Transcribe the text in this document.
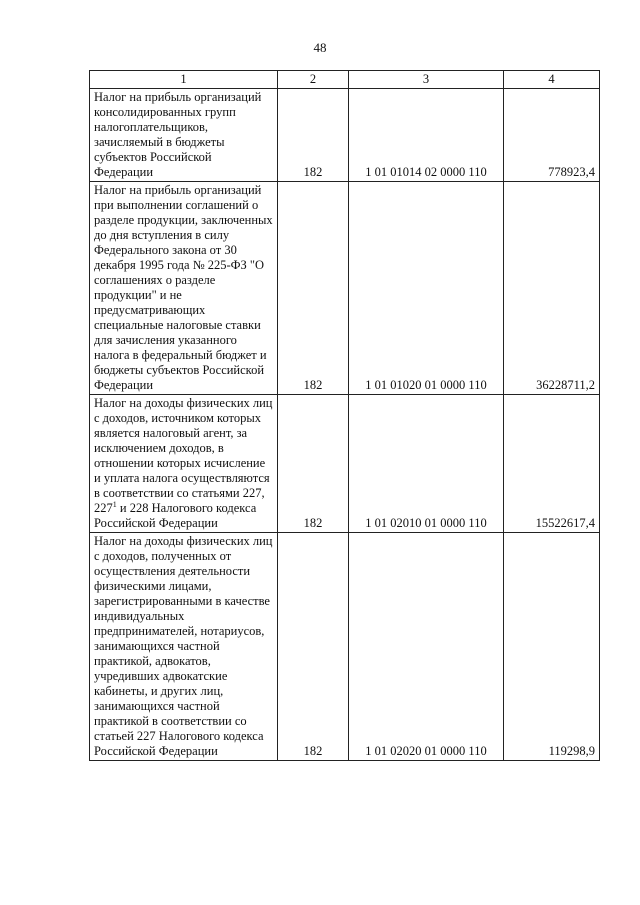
48
1	2	3	4
Налог на прибыль организаций консолидированных групп налогоплательщиков, зачисляемый в бюджеты субъектов Российской Федерации	182	1 01 01014 02 0000 110	778923,4
Налог на прибыль организаций при выполнении соглашений о разделе продукции, заключенных до дня вступления в силу Федерального закона от 30 декабря 1995 года № 225-ФЗ "О соглашениях о разделе продукции" и не предусматривающих специальные налоговые ставки для зачисления указанного налога в федеральный бюджет и бюджеты субъектов Российской Федерации	182	1 01 01020 01 0000 110	36228711,2
Налог на доходы физических лиц с доходов, источником которых является налоговый агент, за исключением доходов, в отношении которых исчисление и уплата налога осуществляются в соответствии со статьями 227, $227^1$ и 228 Налогового кодекса Российской Федерации	182	1 01 02010 01 0000 110	15522617,4
Налог на доходы физических лиц с доходов, полученных от осуществления деятельности физическими лицами, зарегистрированными в качестве индивидуальных предпринимателей, нотариусов, занимающихся частной практикой, адвокатов, учредивших адвокатские кабинеты, и других лиц, занимающихся частной практикой в соответствии со статьей 227 Налогового кодекса Российской Федерации	182	1 01 02020 01 0000 110	119298,9
